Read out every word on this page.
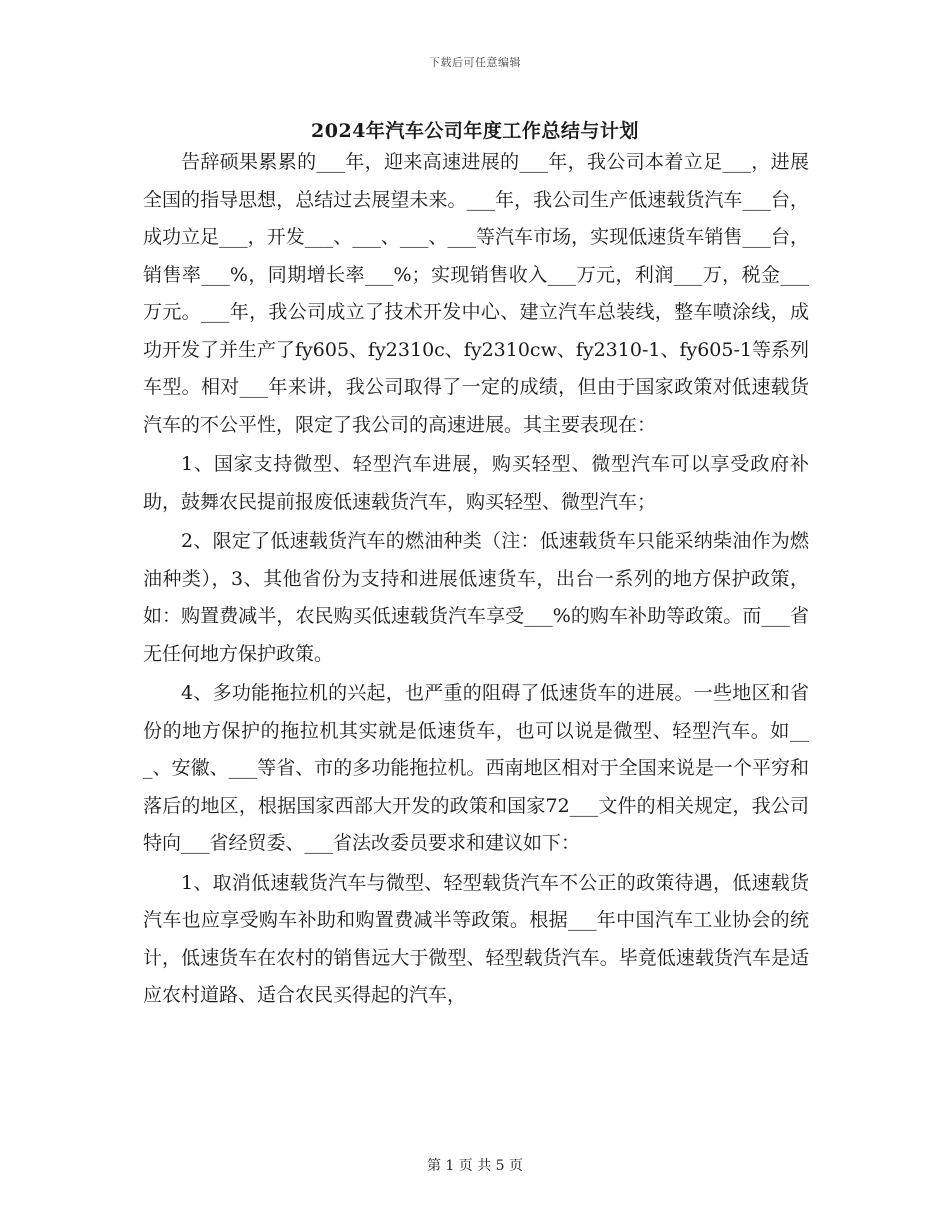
下载后可任意编辑
2024年汽车公司年度工作总结与计划

告辞硕果累累的___年，迎来高速进展的___年，我公司本着立足___，进展全国的指导思想，总结过去展望未来。___年，我公司生产低速载货汽车___台，成功立足___，开发___、___、___、___等汽车市场，实现低速货车销售___台，销售率___%，同期增长率___%；实现销售收入___万元，利润___万，税金___万元。___年，我公司成立了技术开发中心、建立汽车总装线，整车喷涂线，成功开发了并生产了fy605、fy2310c、fy2310cw、fy2310-1、fy605-1等系列车型。相对___年来讲，我公司取得了一定的成绩，但由于国家政策对低速载货汽车的不公平性，限定了我公司的高速进展。其主要表现在：

1、国家支持微型、轻型汽车进展，购买轻型、微型汽车可以享受政府补助，鼓舞农民提前报废低速载货汽车，购买轻型、微型汽车；

2、限定了低速载货汽车的燃油种类（注：低速载货车只能采纳柴油作为燃油种类），3、其他省份为支持和进展低速货车，出台一系列的地方保护政策，如：购置费减半，农民购买低速载货汽车享受___%的购车补助等政策。而___省无任何地方保护政策。

4、多功能拖拉机的兴起，也严重的阻碍了低速货车的进展。一些地区和省份的地方保护的拖拉机其实就是低速货车，也可以说是微型、轻型汽车。如___、安徽、___等省、市的多功能拖拉机。西南地区相对于全国来说是一个平穷和落后的地区，根据国家西部大开发的政策和国家72___文件的相关规定，我公司特向___省经贸委、___省法改委员要求和建议如下：

1、取消低速载货汽车与微型、轻型载货汽车不公正的政策待遇，低速载货汽车也应享受购车补助和购置费减半等政策。根据___年中国汽车工业协会的统计，低速货车在农村的销售远大于微型、轻型载货汽车。毕竟低速载货汽车是适应农村道路、适合农民买得起的汽车，

第 1 页 共 5 页
